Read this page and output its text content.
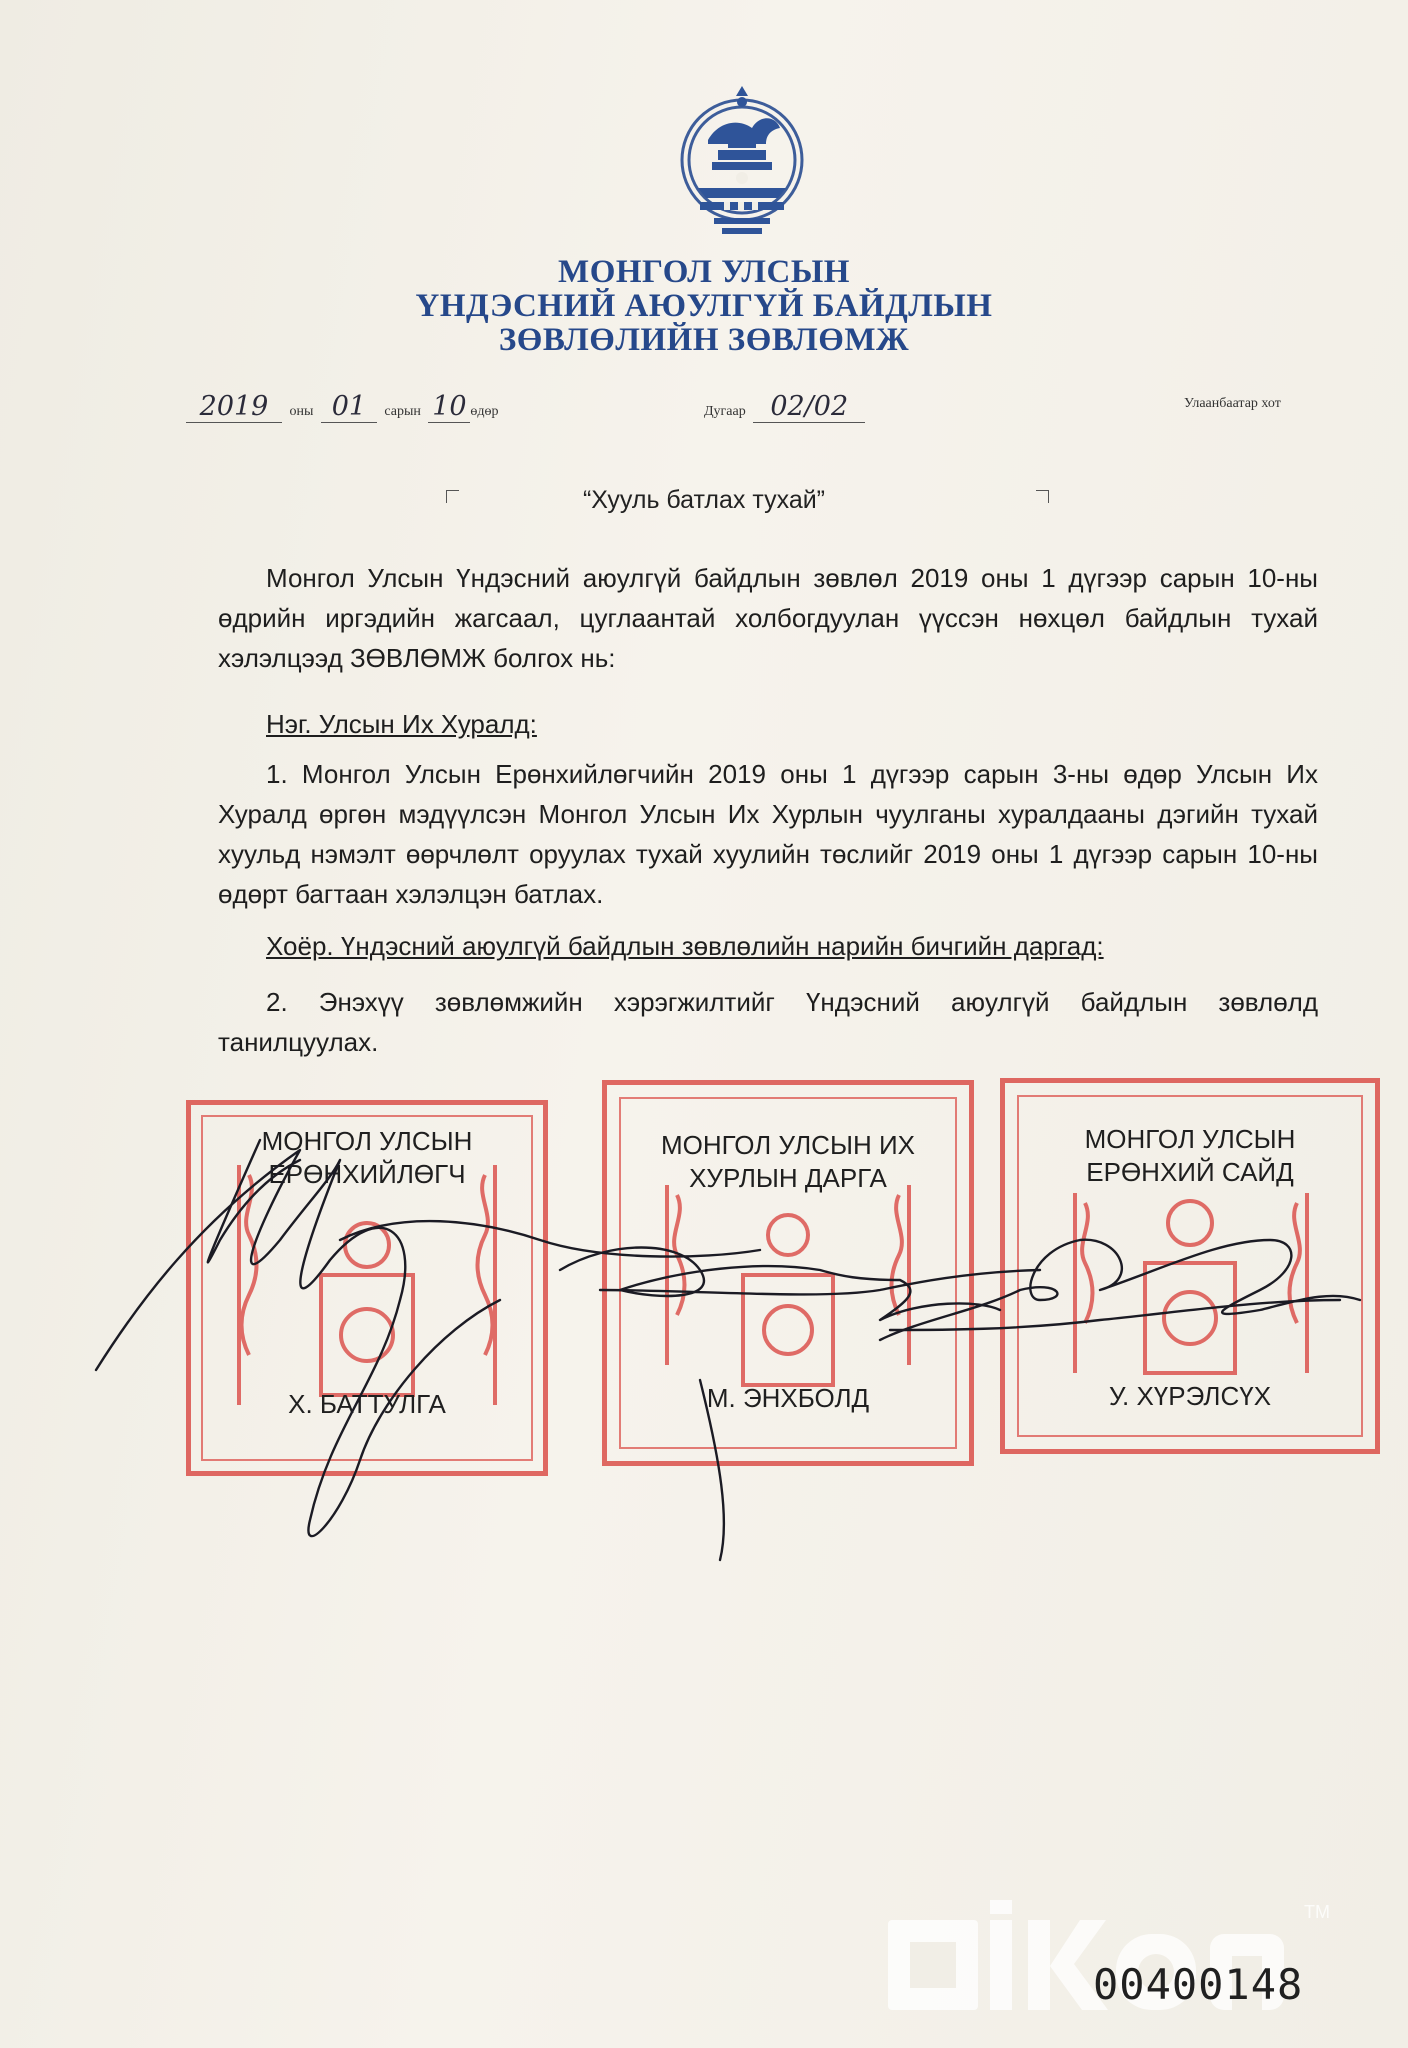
МОНГОЛ УЛСЫН
ҮНДЭСНИЙ АЮУЛГҮЙ БАЙДЛЫН
ЗӨВЛӨЛИЙН ЗӨВЛӨМЖ
2019 оны 01 сарын 10 өдөр	Дугаар 02/02	Улаанбаатар хот
“Хууль батлах тухай”
Монгол Улсын Үндэсний аюулгүй байдлын зөвлөл 2019 оны 1 дүгээр сарын 10-ны өдрийн иргэдийн жагсаал, цуглаантай холбогдуулан үүссэн нөхцөл байдлын тухай хэлэлцээд ЗӨВЛӨМЖ болгох нь:
Нэг. Улсын Их Хуралд:
1. Монгол Улсын Ерөнхийлөгчийн 2019 оны 1 дүгээр сарын 3-ны өдөр Улсын Их Хуралд өргөн мэдүүлсэн Монгол Улсын Их Хурлын чуулганы хуралдааны дэгийн тухай хуульд нэмэлт өөрчлөлт оруулах тухай хуулийн төслийг 2019 оны 1 дүгээр сарын 10-ны өдөрт багтаан хэлэлцэн батлах.
Хоёр. Үндэсний аюулгүй байдлын зөвлөлийн нарийн бичгийн даргад:
2. Энэхүү зөвлөмжийн хэрэгжилтийг Үндэсний аюулгүй байдлын зөвлөлд танилцуулах.
МОНГОЛ УЛСЫН
ЕРӨНХИЙЛӨГЧ
Х. БАТТУЛГА
МОНГОЛ УЛСЫН ИХ
ХУРЛЫН ДАРГА
М. ЭНХБОЛД
МОНГОЛ УЛСЫН
ЕРӨНХИЙ САЙД
У. ХҮРЭЛСҮХ
TM
00400148
